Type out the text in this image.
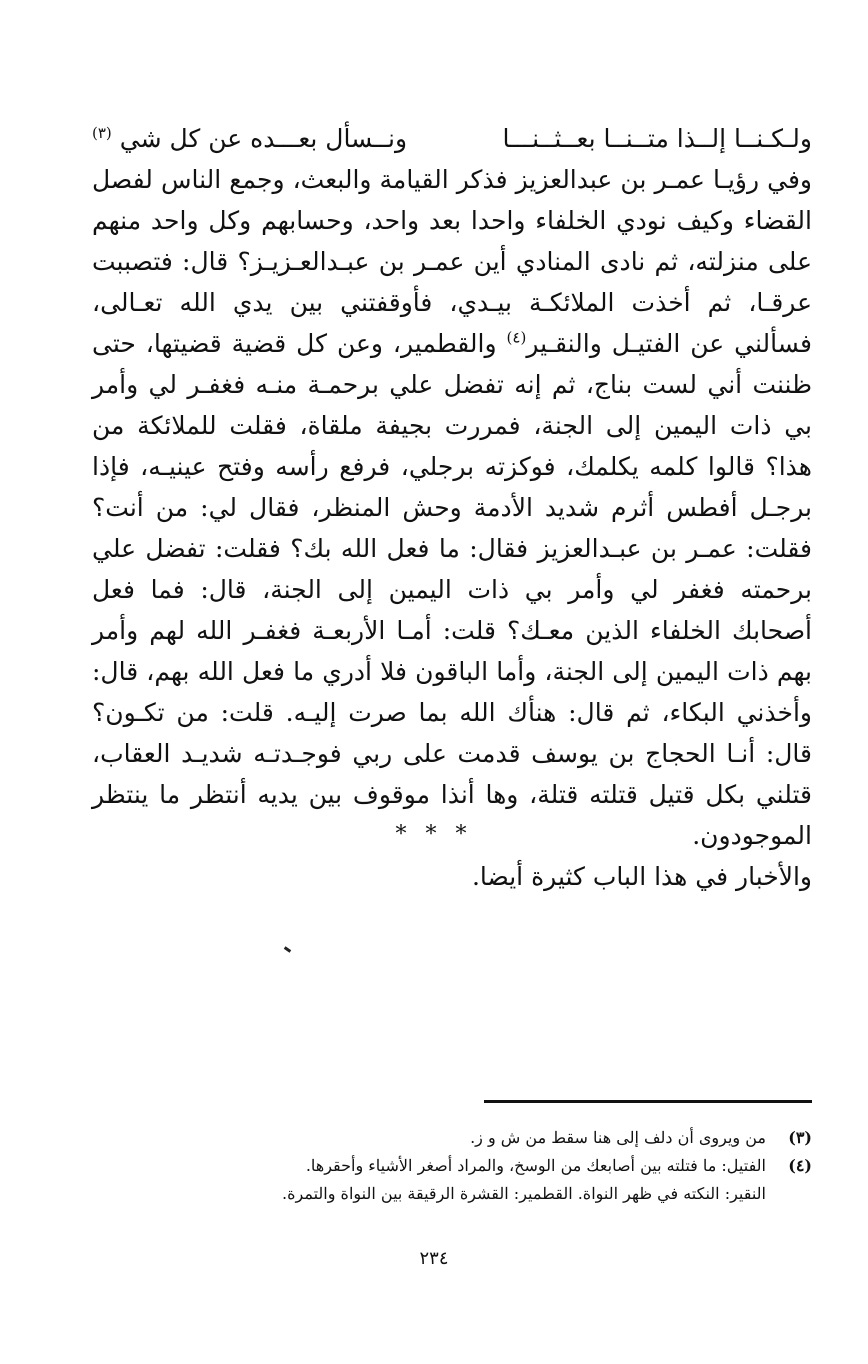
ولـكـنــا إلــذا متــنــا بعــثــنـــا
ونــسأل بعـــده عن كل شي (٣)

وفي رؤيـا عمـر بن عبدالعزيز فذكر القيامة والبعث، وجمع الناس لفصل القضاء وكيف نودي الخلفاء واحدا بعد واحد، وحسابهم وكل واحد منهم على منزلته، ثم نادى المنادي أين عمـر بن عبـدالعـزيـز؟ قال: فتصببت عرقـا، ثم أخذت الملائكـة بيـدي، فأوقفتني بين يدي الله تعـالى، فسألني عن الفتيـل والنقـير$^{(٤)}$ والقطمير، وعن كل قضية قضيتها، حتى ظننت أني لست بناج، ثم إنه تفضل علي برحمـة منـه فغفـر لي وأمر بي ذات اليمين إلى الجنة، فمررت بجيفة ملقاة، فقلت للملائكة من هذا؟ قالوا كلمه يكلمك، فوكزته برجلي، فرفع رأسه وفتح عينيـه، فإذا برجـل أفطس أثرم شديد الأدمة وحش المنظر، فقال لي: من أنت؟ فقلت: عمـر بن عبـدالعزيز فقال: ما فعل الله بك؟ فقلت: تفضل علي برحمته فغفر لي وأمر بي ذات اليمين إلى الجنة، قال: فما فعل أصحابك الخلفاء الذين معـك؟ قلت: أمـا الأربعـة فغفـر الله لهم وأمر بهم ذات اليمين إلى الجنة، وأما الباقون فلا أدري ما فعل الله بهم، قال: وأخذني البكاء، ثم قال: هنأك الله بما صرت إليـه. قلت: من تكـون؟ قال: أنـا الحجاج بن يوسف قدمت على ربي فوجـدتـه شديـد العقاب، قتلني بكل قتيل قتلته قتلة، وها أنذا موقوف بين يديه أنتظر ما ينتظر الموجودون.

والأخبار في هذا الباب كثيرة أيضا.

* * *
(٣)
من ويروى أن دلف إلى هنا سقط من ش و ز.
(٤)
الفتيل: ما فتلته بين أصابعك من الوسخ، والمراد أصغر الأشياء وأحقرها.
النقير: النكته في ظهر النواة. القطمير: القشرة الرقيقة بين النواة والتمرة.
٢٣٤
